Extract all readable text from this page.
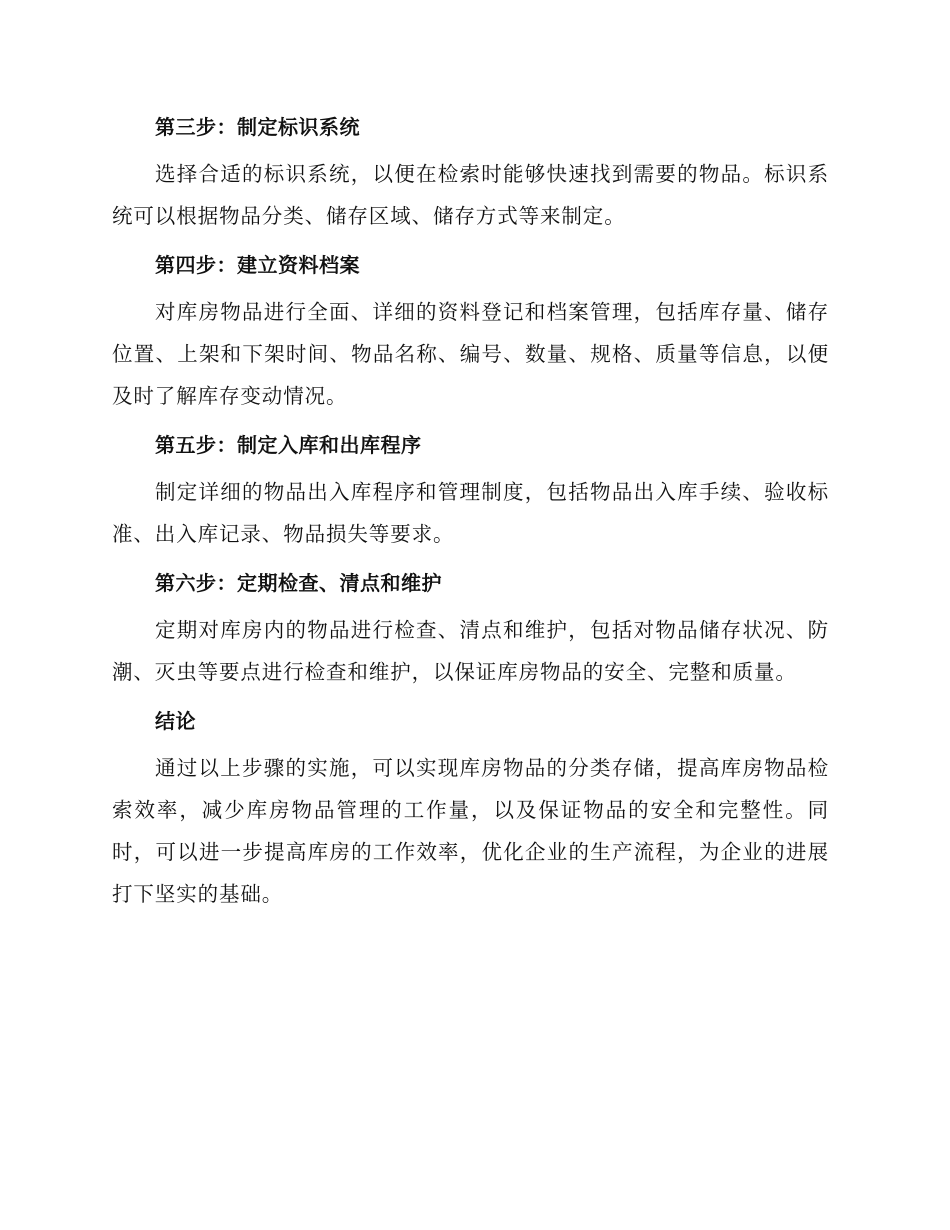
第三步：制定标识系统

选择合适的标识系统，以便在检索时能够快速找到需要的物品。标识系统可以根据物品分类、储存区域、储存方式等来制定。

第四步：建立资料档案

对库房物品进行全面、详细的资料登记和档案管理，包括库存量、储存位置、上架和下架时间、物品名称、编号、数量、规格、质量等信息，以便及时了解库存变动情况。

第五步：制定入库和出库程序

制定详细的物品出入库程序和管理制度，包括物品出入库手续、验收标准、出入库记录、物品损失等要求。

第六步：定期检查、清点和维护

定期对库房内的物品进行检查、清点和维护，包括对物品储存状况、防潮、灭虫等要点进行检查和维护，以保证库房物品的安全、完整和质量。

结论

通过以上步骤的实施，可以实现库房物品的分类存储，提高库房物品检索效率，减少库房物品管理的工作量，以及保证物品的安全和完整性。同时，可以进一步提高库房的工作效率，优化企业的生产流程，为企业的进展打下坚实的基础。
